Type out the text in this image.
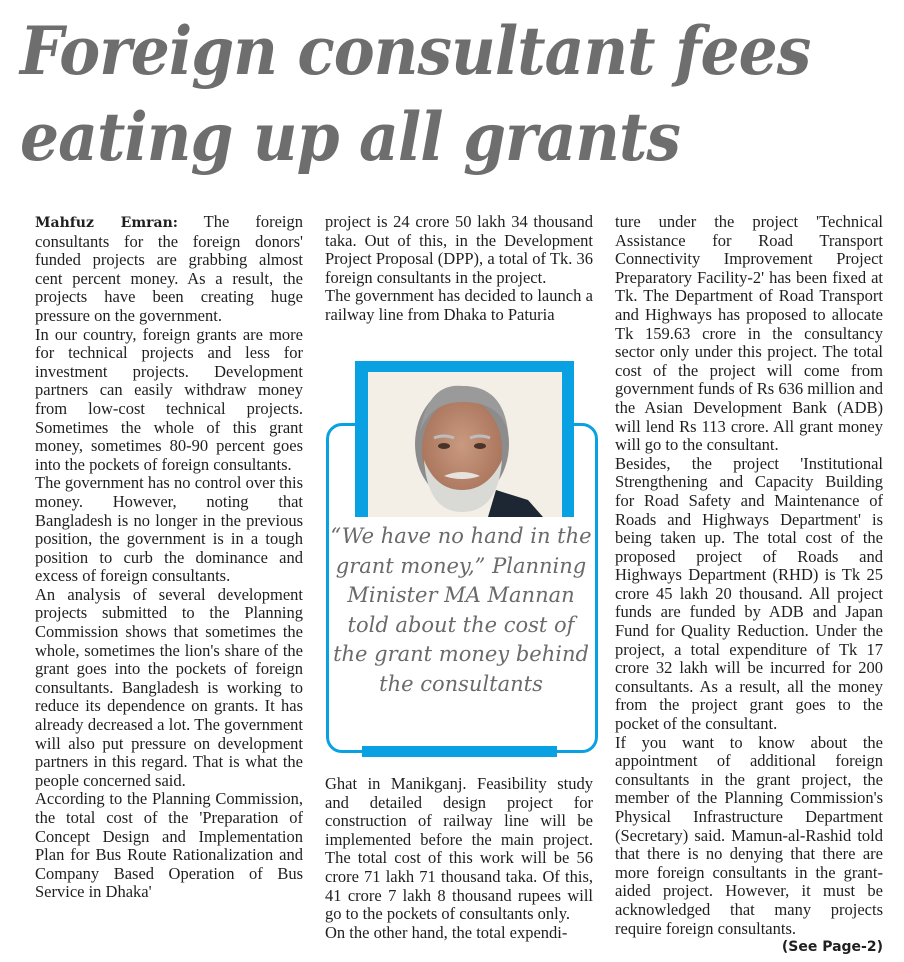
Foreign consultant fees
eating up all grants

Mahfuz Emran: The foreign consultants for the foreign donors' funded projects are grabbing almost cent percent money. As a result, the projects have been creating huge pressure on the government.

In our country, foreign grants are more for technical projects and less for investment projects. Development partners can easily withdraw money from low-cost technical projects. Sometimes the whole of this grant money, sometimes 80-90 percent goes into the pockets of foreign consultants.

The government has no control over this money. However, noting that Bangladesh is no longer in the previous position, the government is in a tough position to curb the dominance and excess of foreign consultants.

An analysis of several development projects submitted to the Planning Commission shows that sometimes the whole, sometimes the lion's share of the grant goes into the pockets of foreign consultants. Bangladesh is working to reduce its dependence on grants. It has already decreased a lot. The government will also put pressure on development partners in this regard. That is what the people concerned said.

According to the Planning Commission, the total cost of the 'Preparation of Concept Design and Implementation Plan for Bus Route Rationalization and Company Based Operation of Bus Service in Dhaka'

project is 24 crore 50 lakh 34 thousand taka. Out of this, in the Development Project Proposal (DPP), a total of Tk. 36 foreign consultants in the project.

The government has decided to launch a railway line from Dhaka to Paturia

“We have no hand in the grant money,” Planning Minister MA Mannan told about the cost of the grant money behind the consultants

Ghat in Manikganj. Feasibility study and detailed design project for construction of railway line will be implemented before the main project. The total cost of this work will be 56 crore 71 lakh 71 thousand taka. Of this, 41 crore 7 lakh 8 thousand rupees will go to the pockets of consultants only.

On the other hand, the total expendi-

ture under the project 'Technical Assistance for Road Transport Connectivity Improvement Project Preparatory Facility-2' has been fixed at Tk. The Department of Road Transport and Highways has proposed to allocate Tk 159.63 crore in the consultancy sector only under this project. The total cost of the project will come from government funds of Rs 636 million and the Asian Development Bank (ADB) will lend Rs 113 crore. All grant money will go to the consultant.

Besides, the project 'Institutional Strengthening and Capacity Building for Road Safety and Maintenance of Roads and Highways Department' is being taken up. The total cost of the proposed project of Roads and Highways Department (RHD) is Tk 25 crore 45 lakh 20 thousand. All project funds are funded by ADB and Japan Fund for Quality Reduction. Under the project, a total expenditure of Tk 17 crore 32 lakh will be incurred for 200 consultants. As a result, all the money from the project grant goes to the pocket of the consultant.

If you want to know about the appointment of additional foreign consultants in the grant project, the member of the Planning Commission's Physical Infrastructure Department (Secretary) said. Mamun-al-Rashid told that there is no denying that there are more foreign consultants in the grant-aided project. However, it must be acknowledged that many projects require foreign consultants.
(See Page-2)
